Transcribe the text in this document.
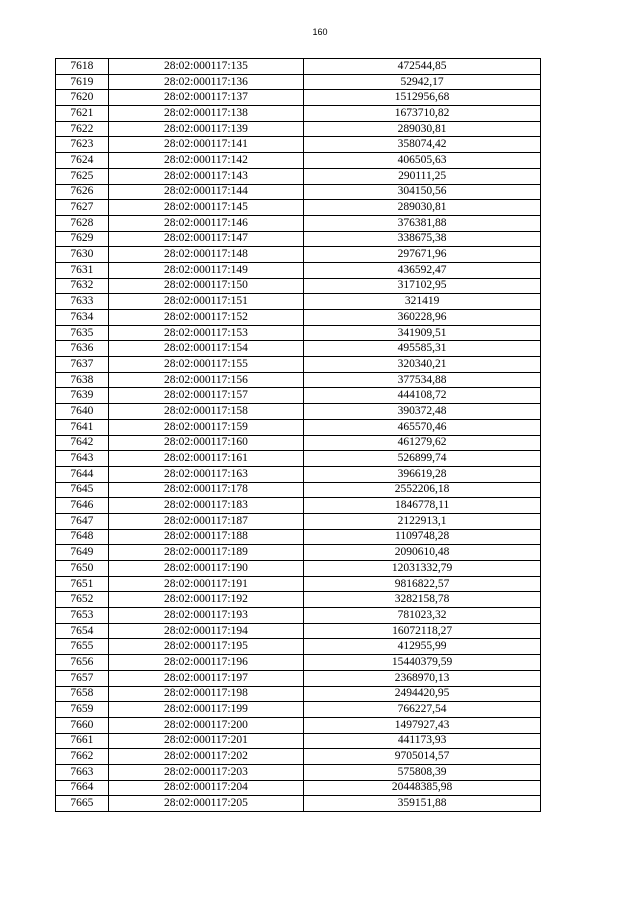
160
7618	28:02:000117:135	472544,85
7619	28:02:000117:136	52942,17
7620	28:02:000117:137	1512956,68
7621	28:02:000117:138	1673710,82
7622	28:02:000117:139	289030,81
7623	28:02:000117:141	358074,42
7624	28:02:000117:142	406505,63
7625	28:02:000117:143	290111,25
7626	28:02:000117:144	304150,56
7627	28:02:000117:145	289030,81
7628	28:02:000117:146	376381,88
7629	28:02:000117:147	338675,38
7630	28:02:000117:148	297671,96
7631	28:02:000117:149	436592,47
7632	28:02:000117:150	317102,95
7633	28:02:000117:151	321419
7634	28:02:000117:152	360228,96
7635	28:02:000117:153	341909,51
7636	28:02:000117:154	495585,31
7637	28:02:000117:155	320340,21
7638	28:02:000117:156	377534,88
7639	28:02:000117:157	444108,72
7640	28:02:000117:158	390372,48
7641	28:02:000117:159	465570,46
7642	28:02:000117:160	461279,62
7643	28:02:000117:161	526899,74
7644	28:02:000117:163	396619,28
7645	28:02:000117:178	2552206,18
7646	28:02:000117:183	1846778,11
7647	28:02:000117:187	2122913,1
7648	28:02:000117:188	1109748,28
7649	28:02:000117:189	2090610,48
7650	28:02:000117:190	12031332,79
7651	28:02:000117:191	9816822,57
7652	28:02:000117:192	3282158,78
7653	28:02:000117:193	781023,32
7654	28:02:000117:194	16072118,27
7655	28:02:000117:195	412955,99
7656	28:02:000117:196	15440379,59
7657	28:02:000117:197	2368970,13
7658	28:02:000117:198	2494420,95
7659	28:02:000117:199	766227,54
7660	28:02:000117:200	1497927,43
7661	28:02:000117:201	441173,93
7662	28:02:000117:202	9705014,57
7663	28:02:000117:203	575808,39
7664	28:02:000117:204	20448385,98
7665	28:02:000117:205	359151,88
